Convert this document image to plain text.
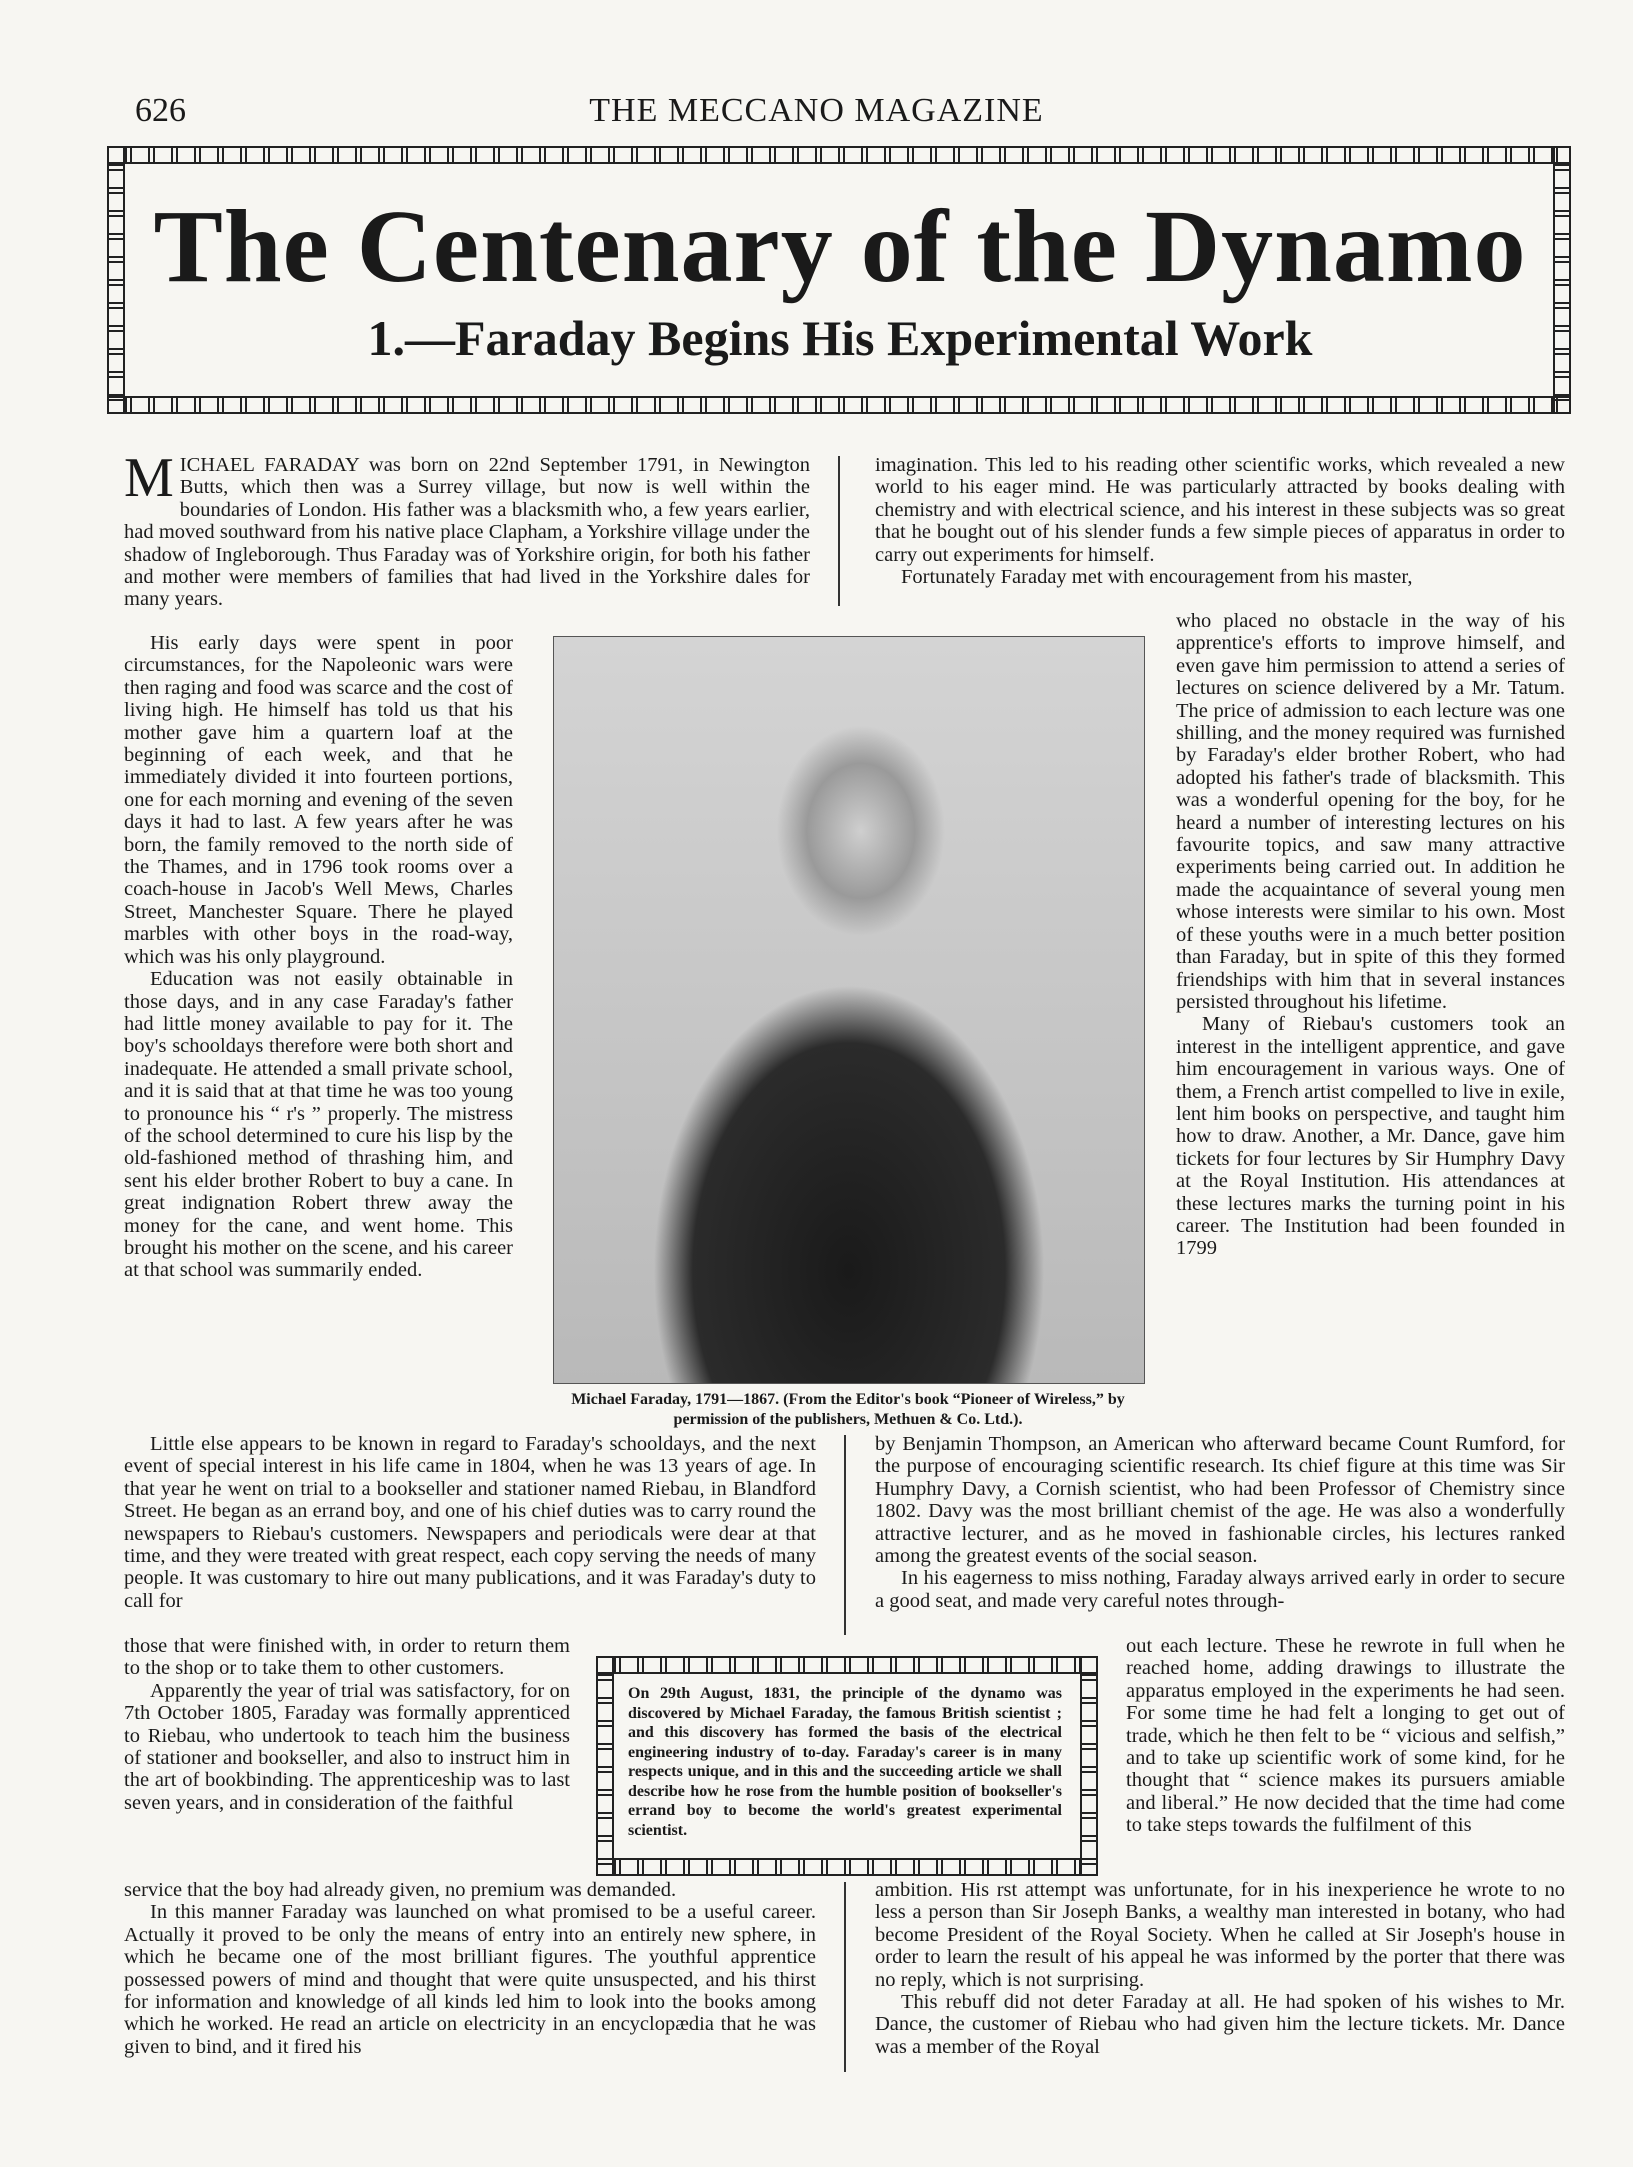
626	THE MECCANO MAGAZINE
The Centenary of the Dynamo
1.—Faraday Begins His Experimental Work

MICHAEL FARADAY was born on 22nd September 1791, in Newington Butts, which then was a Surrey village, but now is well within the boundaries of London. His father was a blacksmith who, a few years earlier, had moved southward from his native place Clapham, a Yorkshire village under the shadow of Ingleborough. Thus Faraday was of Yorkshire origin, for both his father and mother were members of families that had lived in the Yorkshire dales for many years.

imagination. This led to his reading other scientific works, which revealed a new world to his eager mind. He was particularly attracted by books dealing with chemistry and with electrical science, and his interest in these subjects was so great that he bought out of his slender funds a few simple pieces of apparatus in order to carry out experiments for himself.

Fortunately Faraday met with encouragement from his master,

His early days were spent in poor circumstances, for the Napoleonic wars were then raging and food was scarce and the cost of living high. He himself has told us that his mother gave him a quartern loaf at the beginning of each week, and that he immediately divided it into fourteen portions, one for each morning and evening of the seven days it had to last. A few years after he was born, the family removed to the north side of the Thames, and in 1796 took rooms over a coach-house in Jacob's Well Mews, Charles Street, Manchester Square. There he played marbles with other boys in the road-way, which was his only playground.

Education was not easily obtainable in those days, and in any case Faraday's father had little money available to pay for it. The boy's schooldays therefore were both short and inadequate. He attended a small private school, and it is said that at that time he was too young to pronounce his “ r's ” properly. The mistress of the school determined to cure his lisp by the old-fashioned method of thrashing him, and sent his elder brother Robert to buy a cane. In great indignation Robert threw away the money for the cane, and went home. This brought his mother on the scene, and his career at that school was summarily ended.

Michael Faraday, 1791—1867. (From the Editor's book “Pioneer of Wireless,” by permission of the publishers, Methuen & Co. Ltd.).

who placed no obstacle in the way of his apprentice's efforts to improve himself, and even gave him permission to attend a series of lectures on science delivered by a Mr. Tatum. The price of admission to each lecture was one shilling, and the money required was furnished by Faraday's elder brother Robert, who had adopted his father's trade of blacksmith. This was a wonderful opening for the boy, for he heard a number of interesting lectures on his favourite topics, and saw many attractive experiments being carried out. In addition he made the acquaintance of several young men whose interests were similar to his own. Most of these youths were in a much better position than Faraday, but in spite of this they formed friendships with him that in several instances persisted throughout his lifetime.

Many of Riebau's customers took an interest in the intelligent apprentice, and gave him encouragement in various ways. One of them, a French artist compelled to live in exile, lent him books on perspective, and taught him how to draw. Another, a Mr. Dance, gave him tickets for four lectures by Sir Humphry Davy at the Royal Institution. His attendances at these lectures marks the turning point in his career. The Institution had been founded in 1799

Little else appears to be known in regard to Faraday's schooldays, and the next event of special interest in his life came in 1804, when he was 13 years of age. In that year he went on trial to a bookseller and stationer named Riebau, in Blandford Street. He began as an errand boy, and one of his chief duties was to carry round the newspapers to Riebau's customers. Newspapers and periodicals were dear at that time, and they were treated with great respect, each copy serving the needs of many people. It was customary to hire out many publications, and it was Faraday's duty to call for

by Benjamin Thompson, an American who afterward became Count Rumford, for the purpose of encouraging scientific research. Its chief figure at this time was Sir Humphry Davy, a Cornish scientist, who had been Professor of Chemistry since 1802. Davy was the most brilliant chemist of the age. He was also a wonderfully attractive lecturer, and as he moved in fashionable circles, his lectures ranked among the greatest events of the social season.

In his eagerness to miss nothing, Faraday always arrived early in order to secure a good seat, and made very careful notes through-

those that were finished with, in order to return them to the shop or to take them to other customers.

Apparently the year of trial was satisfactory, for on 7th October 1805, Faraday was formally apprenticed to Riebau, who undertook to teach him the business of stationer and bookseller, and also to instruct him in the art of bookbinding. The apprenticeship was to last seven years, and in consideration of the faithful

On 29th August, 1831, the principle of the dynamo was discovered by Michael Faraday, the famous British scientist ; and this discovery has formed the basis of the electrical engineering industry of to-day. Faraday's career is in many respects unique, and in this and the succeeding article we shall describe how he rose from the humble position of bookseller's errand boy to become the world's greatest experimental scientist.

out each lecture. These he rewrote in full when he reached home, adding drawings to illustrate the apparatus employed in the experiments he had seen. For some time he had felt a longing to get out of trade, which he then felt to be “ vicious and selfish,” and to take up scientific work of some kind, for he thought that “ science makes its pursuers amiable and liberal.” He now decided that the time had come to take steps towards the fulfilment of this

service that the boy had already given, no premium was demanded.

In this manner Faraday was launched on what promised to be a useful career. Actually it proved to be only the means of entry into an entirely new sphere, in which he became one of the most brilliant figures. The youthful apprentice possessed powers of mind and thought that were quite unsuspected, and his thirst for information and knowledge of all kinds led him to look into the books among which he worked. He read an article on electricity in an encyclopædia that he was given to bind, and it fired his

ambition. His rst attempt was unfortunate, for in his inexperience he wrote to no less a person than Sir Joseph Banks, a wealthy man interested in botany, who had become President of the Royal Society. When he called at Sir Joseph's house in order to learn the result of his appeal he was informed by the porter that there was no reply, which is not surprising.

This rebuff did not deter Faraday at all. He had spoken of his wishes to Mr. Dance, the customer of Riebau who had given him the lecture tickets. Mr. Dance was a member of the Royal
